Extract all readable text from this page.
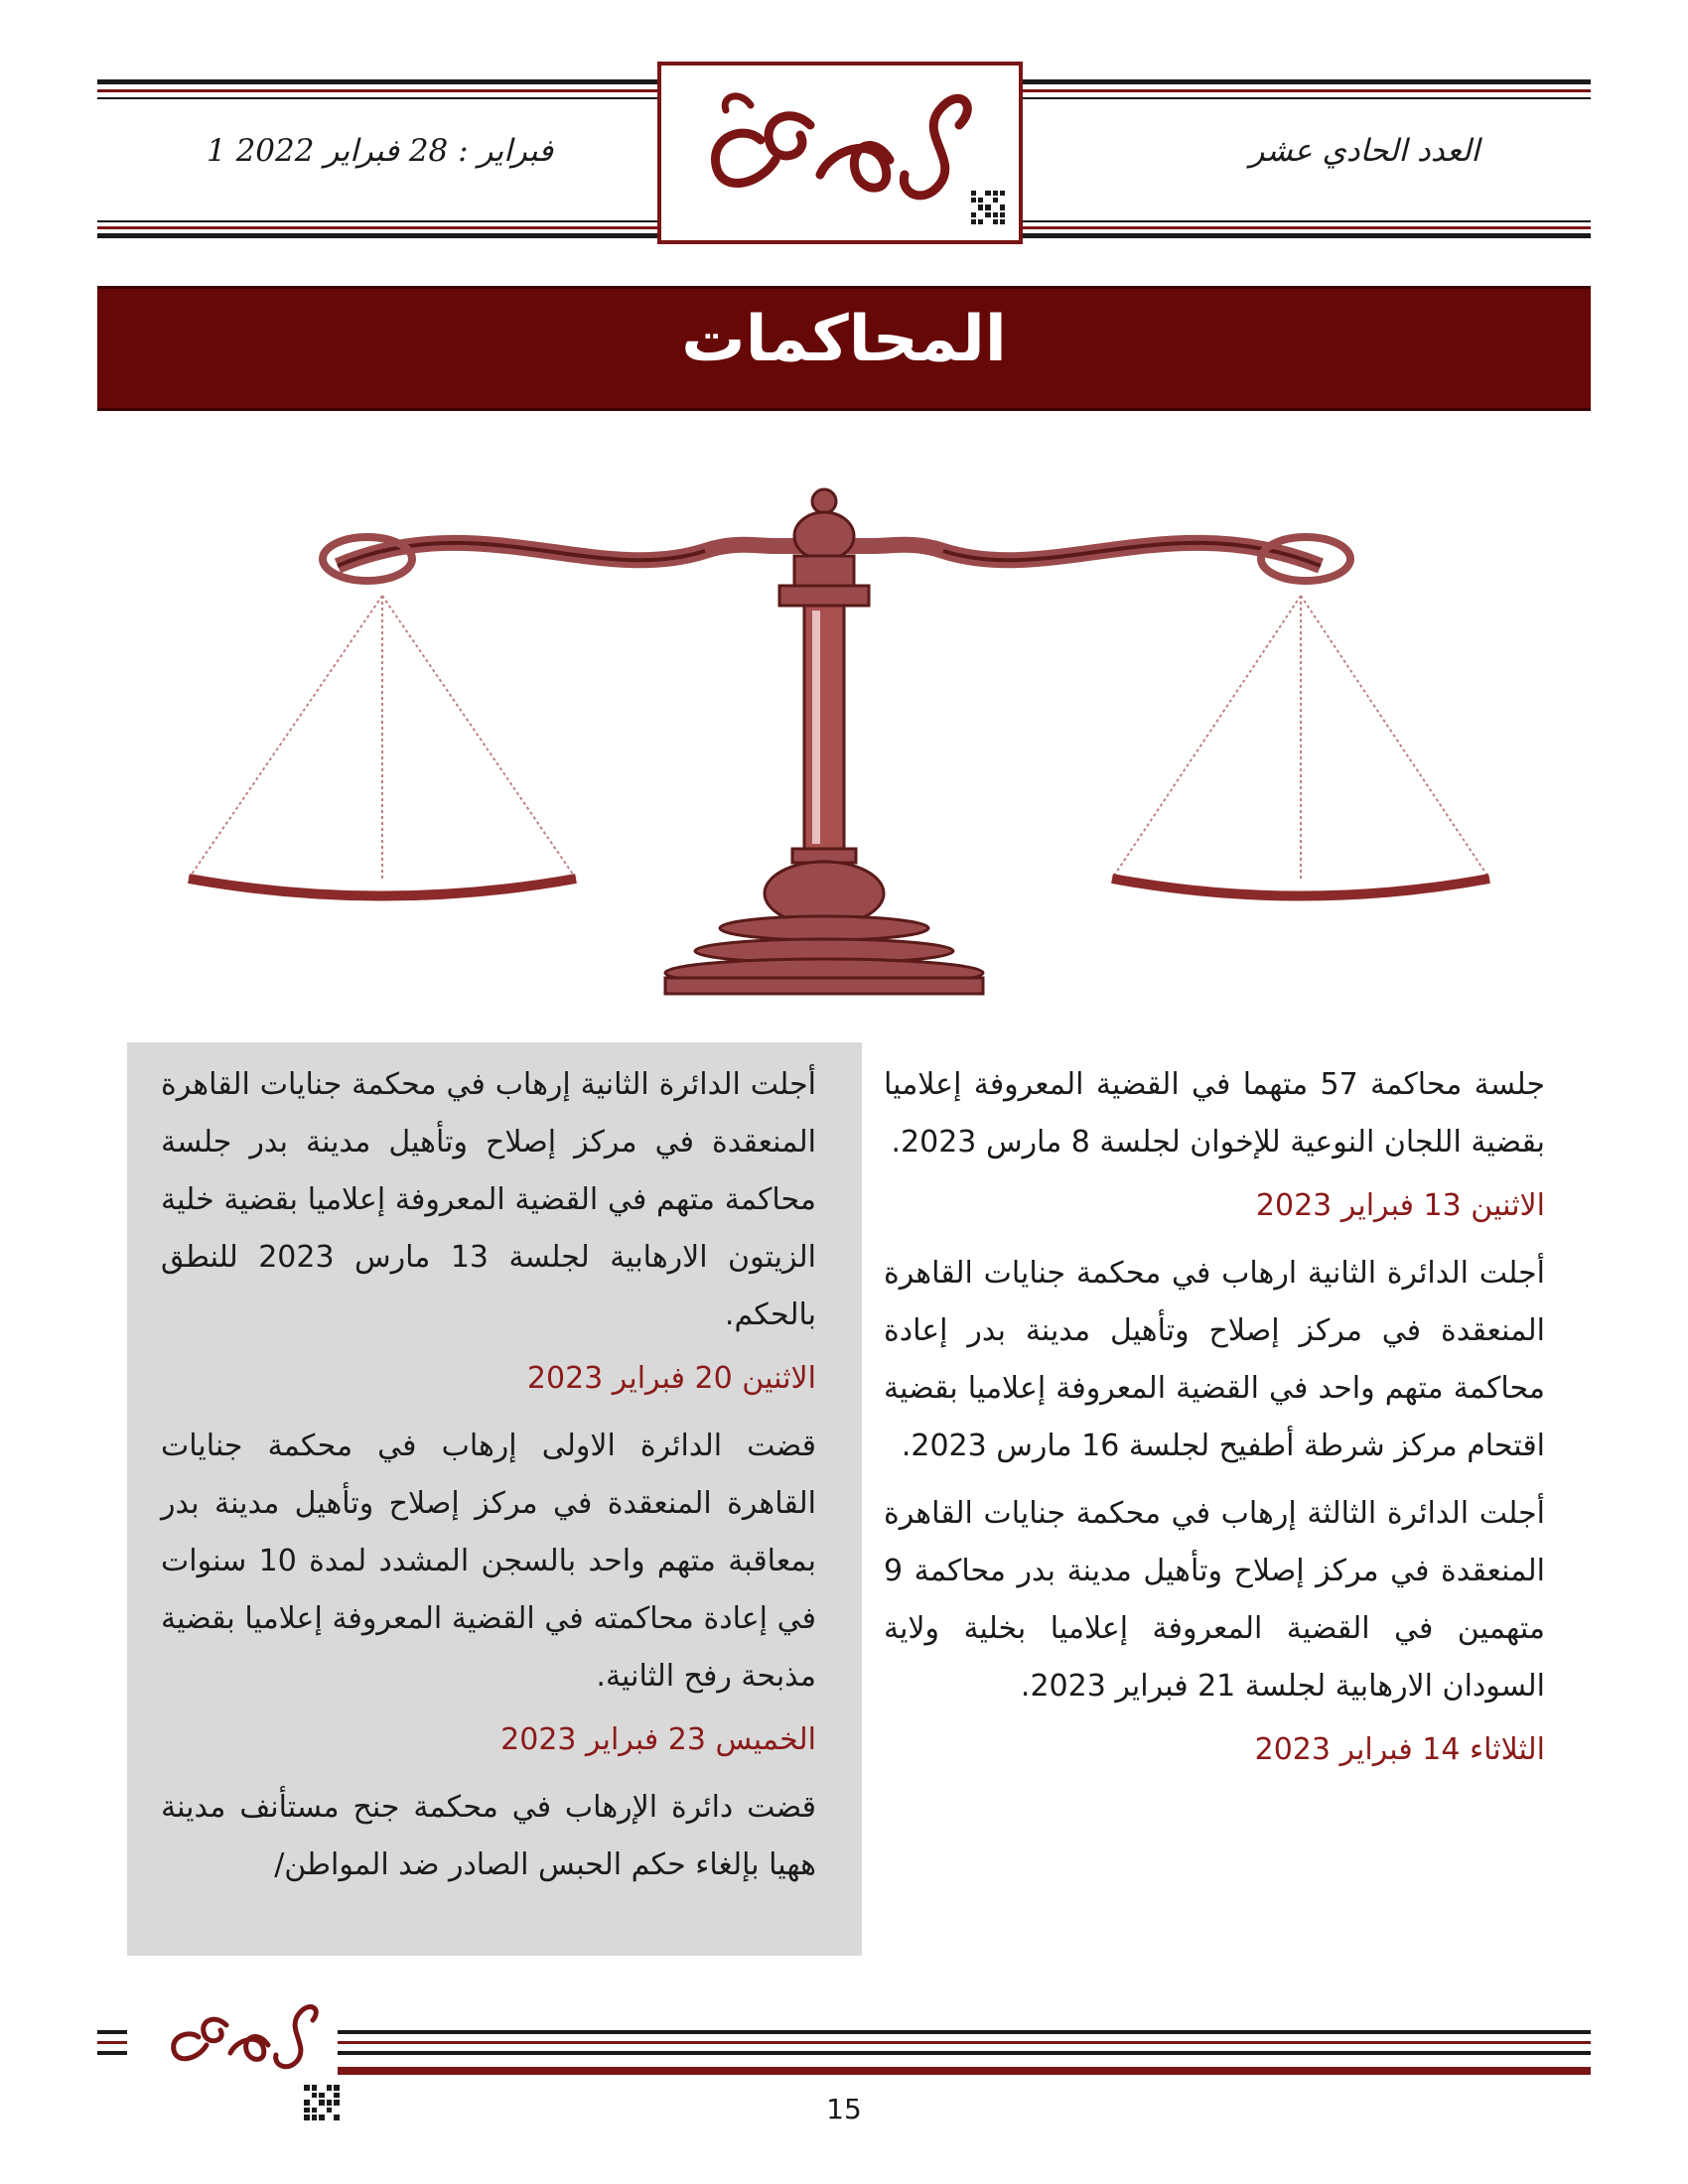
العدد الحادي عشر
1 فبراير : 28 فبراير 2022
المحاكمات

أجلت الدائرة الثانية إرهاب في محكمة جنايات القاهرة المنعقدة في مركز إصلاح وتأهيل مدينة بدر جلسة محاكمة متهم في القضية المعروفة إعلاميا بقضية خلية الزيتون الارهابية لجلسة 13 مارس 2023 للنطق بالحكم.

الاثنين 20 فبراير 2023

قضت الدائرة الاولى إرهاب في محكمة جنايات القاهرة المنعقدة في مركز إصلاح وتأهيل مدينة بدر بمعاقبة متهم واحد بالسجن المشدد لمدة 10 سنوات في إعادة محاكمته في القضية المعروفة إعلاميا بقضية مذبحة رفح الثانية.

الخميس 23 فبراير 2023

قضت دائرة الإرهاب في محكمة جنح مستأنف مدينة ههيا بإلغاء حكم الحبس الصادر ضد المواطن/

جلسة محاكمة 57 متهما في القضية المعروفة إعلاميا بقضية اللجان النوعية للإخوان لجلسة 8 مارس 2023.

الاثنين 13 فبراير 2023

أجلت الدائرة الثانية ارهاب في محكمة جنايات القاهرة المنعقدة في مركز إصلاح وتأهيل مدينة بدر إعادة محاكمة متهم واحد في القضية المعروفة إعلاميا بقضية اقتحام مركز شرطة أطفيح لجلسة 16 مارس 2023.

أجلت الدائرة الثالثة إرهاب في محكمة جنايات القاهرة المنعقدة في مركز إصلاح وتأهيل مدينة بدر محاكمة 9 متهمين في القضية المعروفة إعلاميا بخلية ولاية السودان الارهابية لجلسة 21 فبراير 2023.

الثلاثاء 14 فبراير 2023
15
